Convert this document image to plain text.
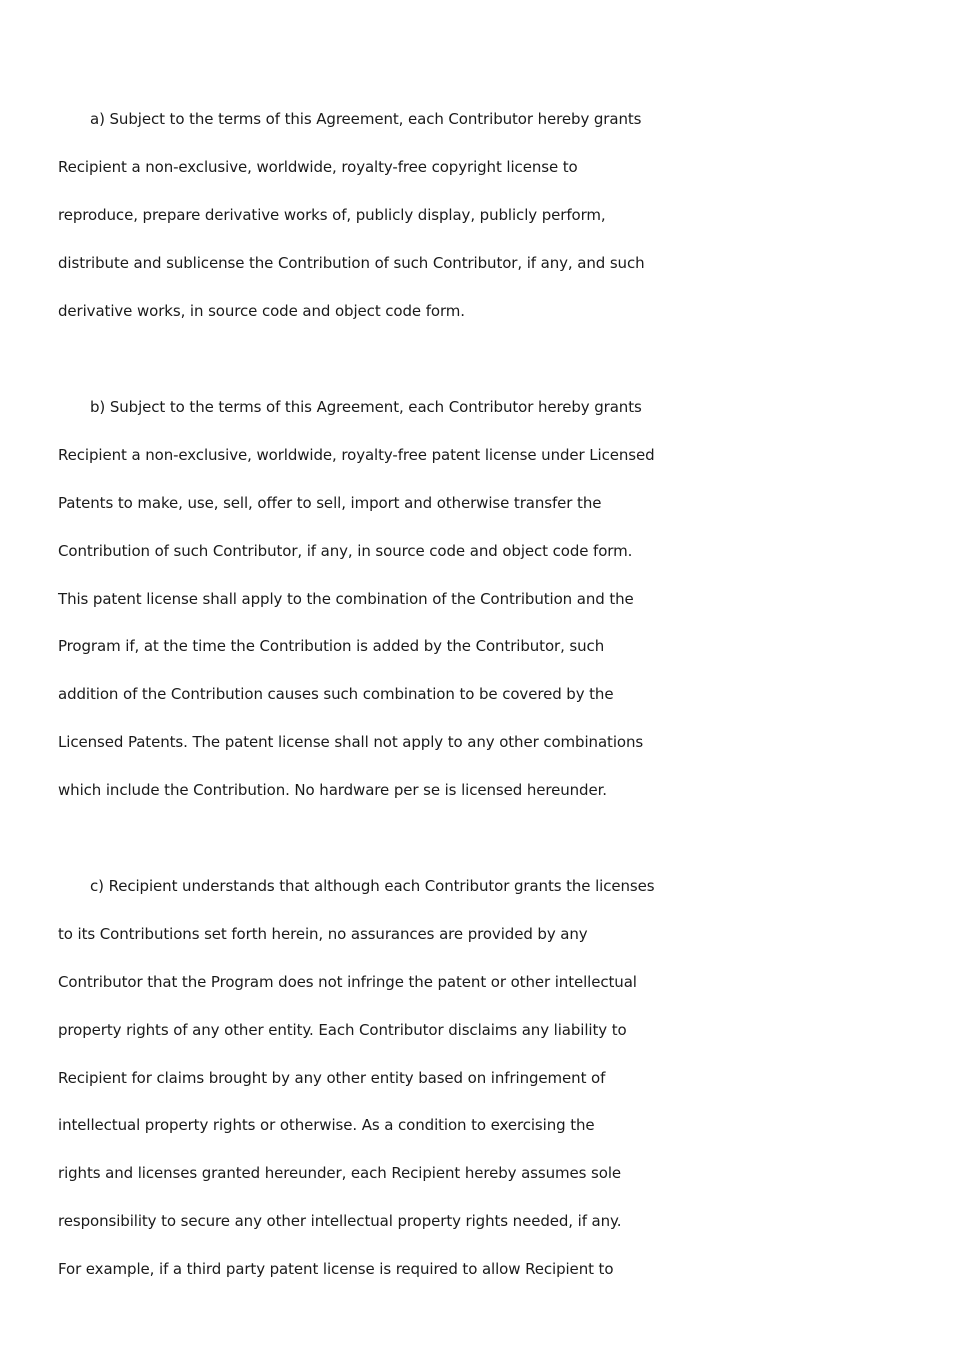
a) Subject to the terms of this Agreement, each Contributor hereby grants
Recipient a non-exclusive, worldwide, royalty-free copyright license to
reproduce, prepare derivative works of, publicly display, publicly perform,
distribute and sublicense the Contribution of such Contributor, if any, and such
derivative works, in source code and object code form.
b) Subject to the terms of this Agreement, each Contributor hereby grants
Recipient a non-exclusive, worldwide, royalty-free patent license under Licensed
Patents to make, use, sell, offer to sell, import and otherwise transfer the
Contribution of such Contributor, if any, in source code and object code form.
This patent license shall apply to the combination of the Contribution and the
Program if, at the time the Contribution is added by the Contributor, such
addition of the Contribution causes such combination to be covered by the
Licensed Patents. The patent license shall not apply to any other combinations
which include the Contribution. No hardware per se is licensed hereunder.
c) Recipient understands that although each Contributor grants the licenses
to its Contributions set forth herein, no assurances are provided by any
Contributor that the Program does not infringe the patent or other intellectual
property rights of any other entity. Each Contributor disclaims any liability to
Recipient for claims brought by any other entity based on infringement of
intellectual property rights or otherwise. As a condition to exercising the
rights and licenses granted hereunder, each Recipient hereby assumes sole
responsibility to secure any other intellectual property rights needed, if any.
For example, if a third party patent license is required to allow Recipient to
